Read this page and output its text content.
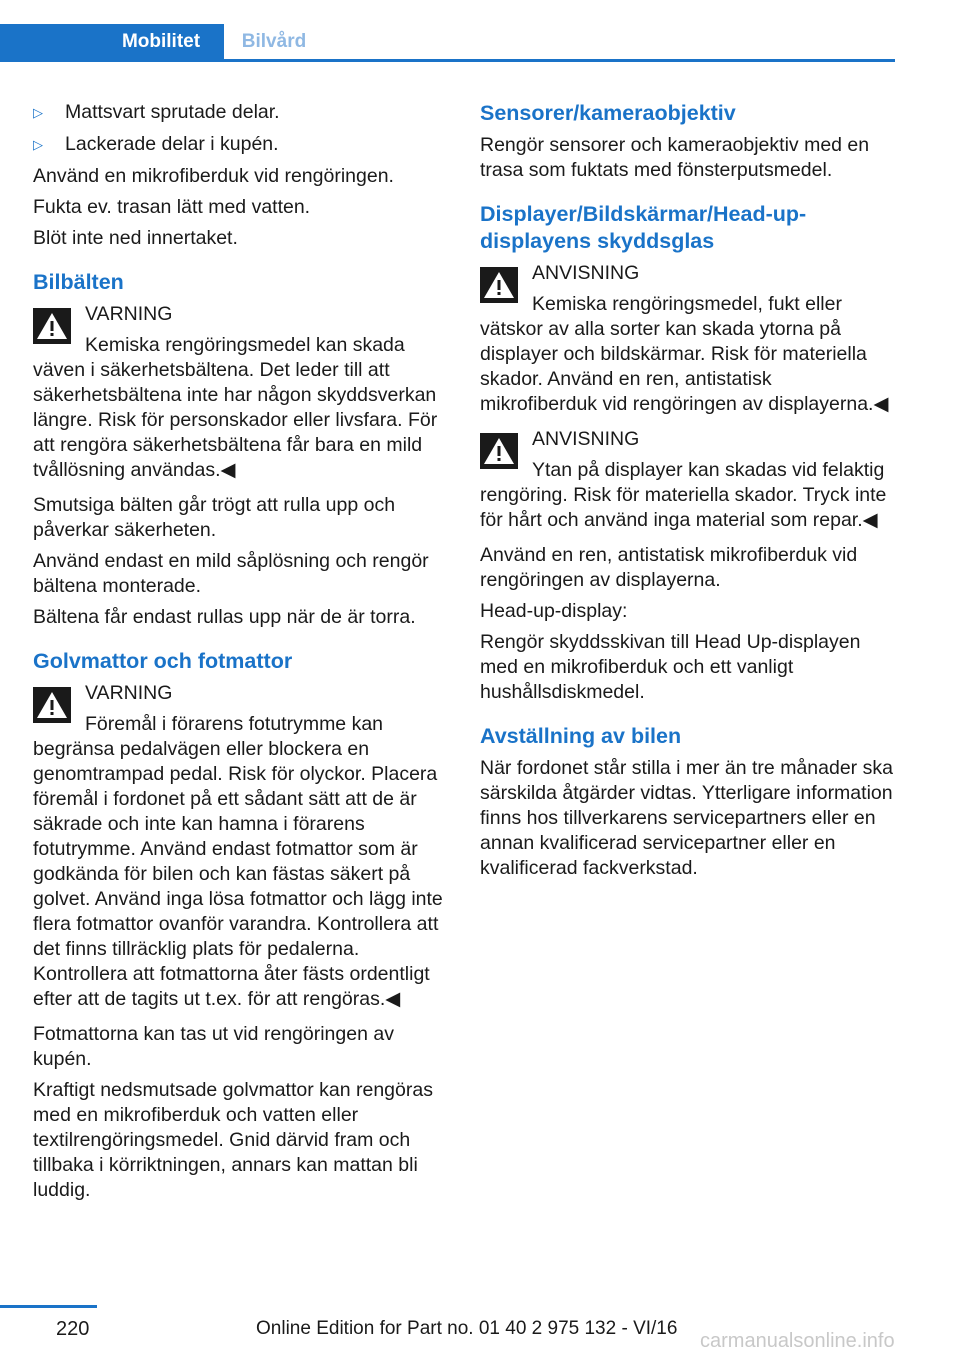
Mobilitet	Bilvård
▷	Mattsvart sprutade delar.
▷	Lackerade delar i kupén.

Använd en mikrofiberduk vid rengöringen.

Fukta ev. trasan lätt med vatten.

Blöt inte ned innertaket.

Bilbälten
VARNING
Kemiska rengöringsmedel kan skada väven i säkerhetsbältena. Det leder till att säkerhetsbältena inte har någon skyddsverkan längre. Risk för personskador eller livsfara. För att rengöra säkerhetsbältena får bara en mild tvållösning användas.◀

Smutsiga bälten går trögt att rulla upp och påverkar säkerheten.

Använd endast en mild såplösning och rengör bältena monterade.

Bältena får endast rullas upp när de är torra.

Golvmattor och fotmattor
VARNING
Föremål i förarens fotutrymme kan begränsa pedalvägen eller blockera en genomtrampad pedal. Risk för olyckor. Placera föremål i fordonet på ett sådant sätt att de är säkrade och inte kan hamna i förarens fotutrymme. Använd endast fotmattor som är godkända för bilen och kan fästas säkert på golvet. Använd inga lösa fotmattor och lägg inte flera fotmattor ovanför varandra. Kontrollera att det finns tillräcklig plats för pedalerna. Kontrollera att fotmattorna åter fästs ordentligt efter att de tagits ut t.ex. för att rengöras.◀

Fotmattorna kan tas ut vid rengöringen av kupén.

Kraftigt nedsmutsade golvmattor kan rengöras med en mikrofiberduk och vatten eller textilrengöringsmedel. Gnid därvid fram och tillbaka i körriktningen, annars kan mattan bli luddig.

Sensorer/kameraobjektiv

Rengör sensorer och kameraobjektiv med en trasa som fuktats med fönsterputsmedel.

Displayer/Bildskärmar/Head-up-displayens skyddsglas
ANVISNING
Kemiska rengöringsmedel, fukt eller vätskor av alla sorter kan skada ytorna på displayer och bildskärmar. Risk för materiella skador. Använd en ren, antistatisk mikrofiberduk vid rengöringen av displayerna.◀
ANVISNING
Ytan på displayer kan skadas vid felaktig rengöring. Risk för materiella skador. Tryck inte för hårt och använd inga material som repar.◀

Använd en ren, antistatisk mikrofiberduk vid rengöringen av displayerna.

Head-up-display:

Rengör skyddsskivan till Head Up-displayen med en mikrofiberduk och ett vanligt hushållsdiskmedel.

Avställning av bilen

När fordonet står stilla i mer än tre månader ska särskilda åtgärder vidtas. Ytterligare information finns hos tillverkarens servicepartners eller en annan kvalificerad servicepartner eller en kvalificerad fackverkstad.

220	Online Edition for Part no. 01 40 2 975 132 - VI/16
carmanualsonline.info
